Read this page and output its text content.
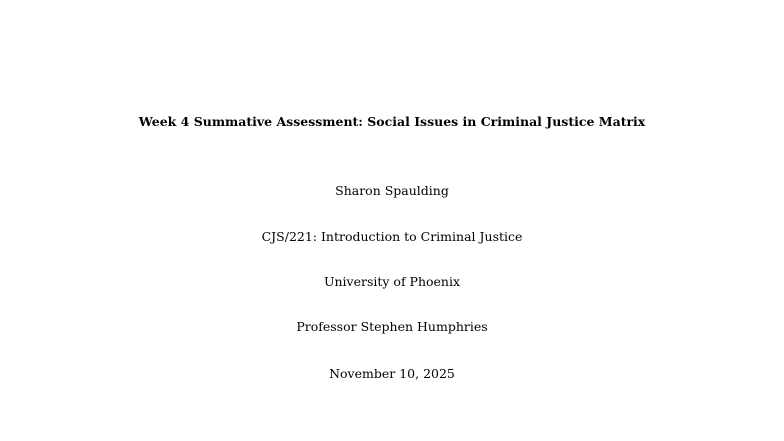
Week 4 Summative Assessment: Social Issues in Criminal Justice Matrix
Sharon Spaulding
CJS/221: Introduction to Criminal Justice
University of Phoenix
Professor Stephen Humphries
November 10, 2025
